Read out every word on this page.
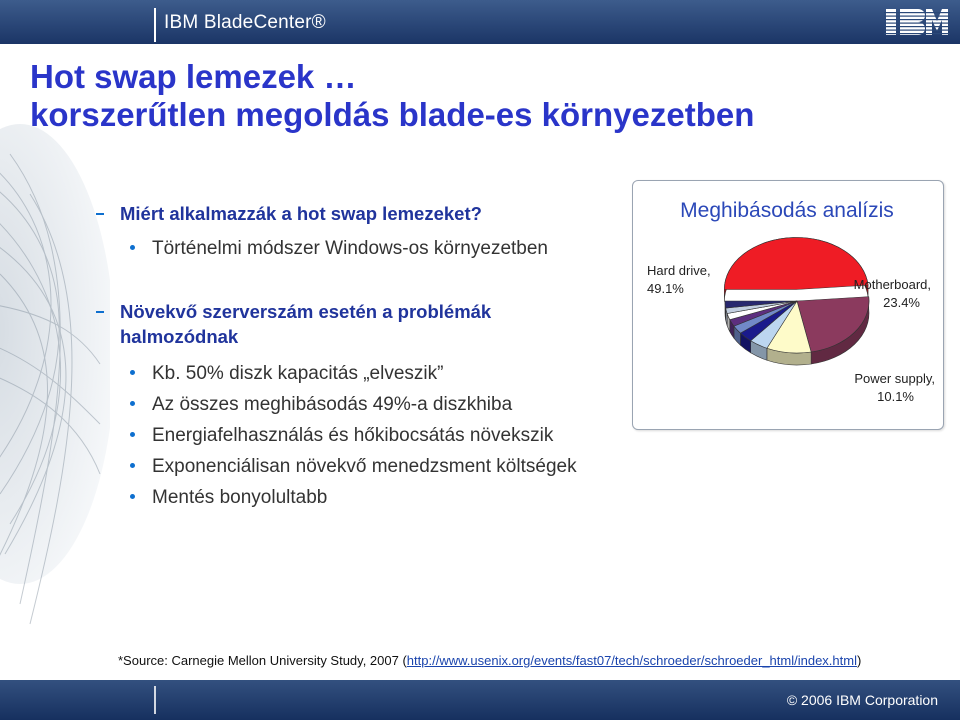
IBM BladeCenter®
Hot swap lemezek …
korszerűtlen megoldás blade-es környezetben
Miért alkalmazzák a hot swap lemezeket?
Történelmi módszer Windows-os környezetben
Növekvő szerverszám esetén a problémák
halmozódnak
Kb. 50% diszk kapacitás „elveszik”
Az összes meghibásodás 49%-a diszkhiba
Energiafelhasználás és hőkibocsátás növekszik
Exponenciálisan növekvő menedzsment költségek
Mentés bonyolultabb
Meghibásodás analízis
Hard drive,
49.1%	Motherboard,
23.4%
Power supply,
10.1%
*Source: Carnegie Mellon University Study, 2007 (http://www.usenix.org/events/fast07/tech/schroeder/schroeder_html/index.html)
© 2006 IBM Corporation
